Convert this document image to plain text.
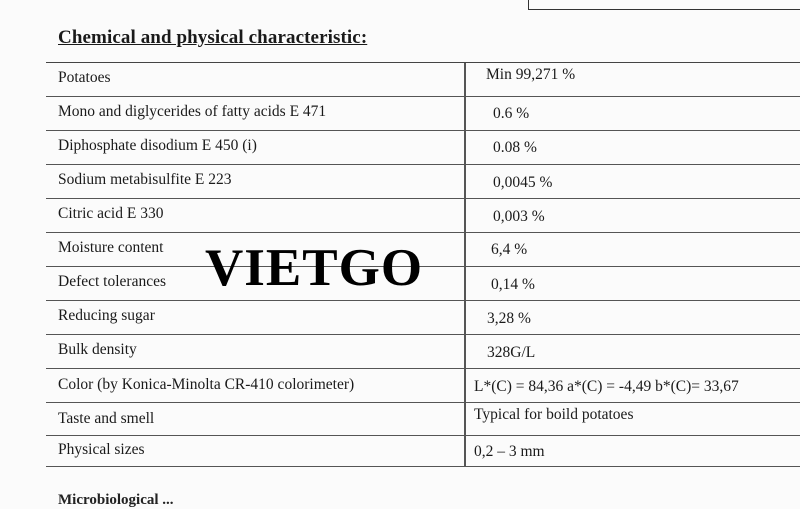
Chemical and physical characteristic:
Potatoes	Min 99,271 %
Mono and diglycerides of fatty acids E 471	0.6 %
Diphosphate disodium E 450 (i)	0.08 %
Sodium metabisulfite E 223	0,0045 %
Citric acid E 330	0,003 %
Moisture content	6,4 %
Defect tolerances	0,14 %
Reducing sugar	3,28 %
Bulk density	328G/L
Color (by Konica-Minolta CR-410 colorimeter)	L*(C) = 84,36 a*(C) = -4,49 b*(C)= 33,67
Taste and smell	Typical for boild potatoes
Physical sizes	0,2 – 3 mm
VIETGO
Microbiological ...
